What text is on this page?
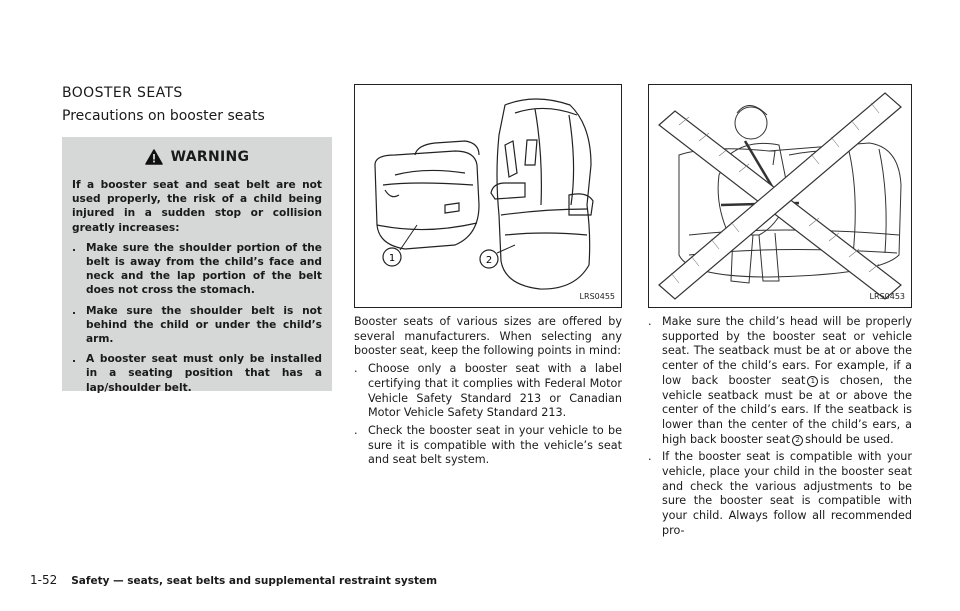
BOOSTER SEATS
Precautions on booster seats
WARNING

If a booster seat and seat belt are not used properly, the risk of a child being injured in a sudden stop or collision greatly increases:

. Make sure the shoulder portion of the belt is away from the child’s face and neck and the lap portion of the belt does not cross the stomach.
. Make sure the shoulder belt is not behind the child or under the child’s arm.
. A booster seat must only be installed in a seating position that has a lap/shoulder belt.
1	2
LRS0455	LRS0453

Booster seats of various sizes are offered by several manufacturers. When selecting any booster seat, keep the following points in mind:

. Choose only a booster seat with a label certifying that it complies with Federal Motor Vehicle Safety Standard 213 or Canadian Motor Vehicle Safety Standard 213.
. Check the booster seat in your vehicle to be sure it is compatible with the vehicle’s seat and seat belt system.
. Make sure the child’s head will be properly supported by the booster seat or vehicle seat. The seatback must be at or above the center of the child’s ears. For example, if a low back booster seat 1 is chosen, the vehicle seatback must be at or above the center of the child’s ears. If the seatback is lower than the center of the child’s ears, a high back booster seat 2 should be used.
. If the booster seat is compatible with your vehicle, place your child in the booster seat and check the various adjustments to be sure the booster seat is compatible with your child. Always follow all recommended pro-
1-52 Safety — seats, seat belts and supplemental restraint system
